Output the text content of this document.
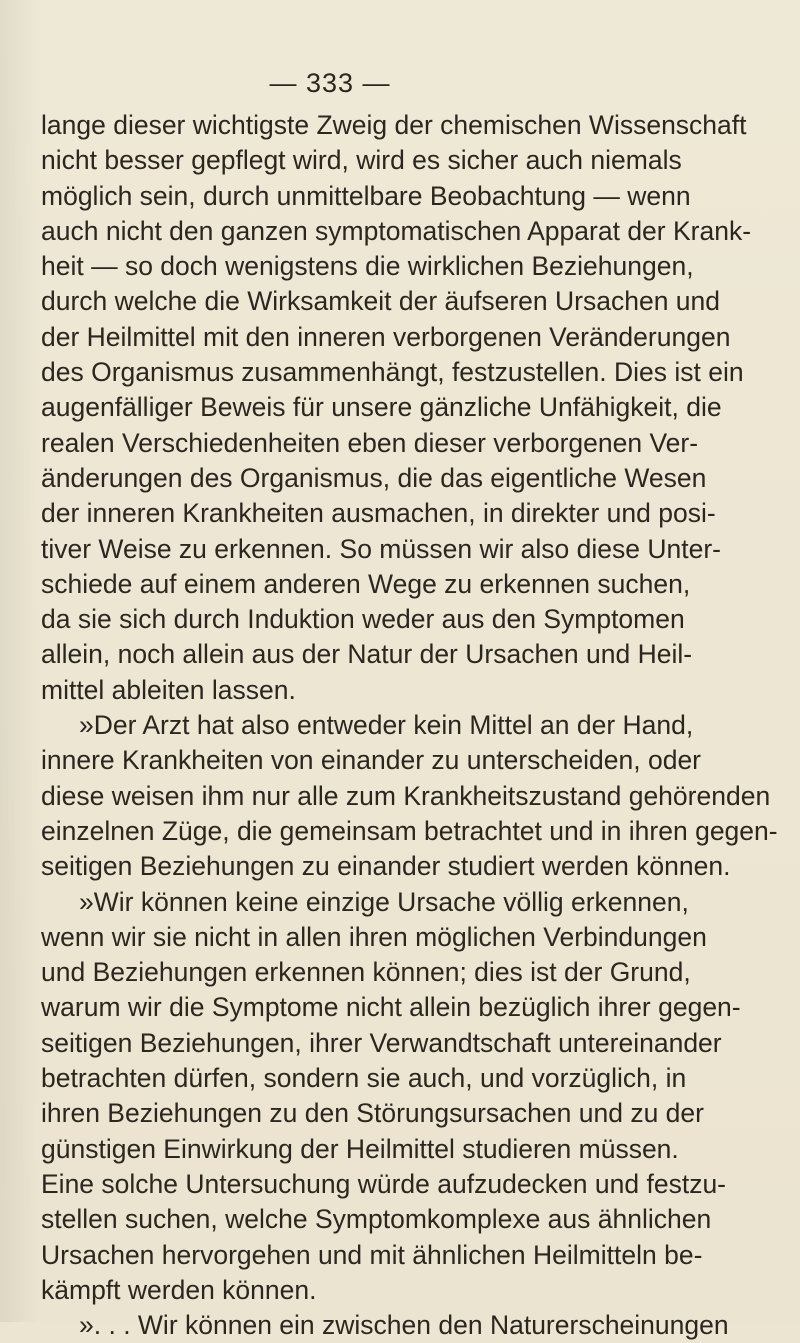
— 333 —
lange dieser wichtigste Zweig der chemischen Wissenschaft
nicht besser gepflegt wird, wird es sicher auch niemals
möglich sein, durch unmittelbare Beobachtung — wenn
auch nicht den ganzen symptomatischen Apparat der Krank-
heit — so doch wenigstens die wirklichen Beziehungen,
durch welche die Wirksamkeit der äufseren Ursachen und
der Heilmittel mit den inneren verborgenen Veränderungen
des Organismus zusammenhängt, festzustellen. Dies ist ein
augenfälliger Beweis für unsere gänzliche Unfähigkeit, die
realen Verschiedenheiten eben dieser verborgenen Ver-
änderungen des Organismus, die das eigentliche Wesen
der inneren Krankheiten ausmachen, in direkter und posi-
tiver Weise zu erkennen. So müssen wir also diese Unter-
schiede auf einem anderen Wege zu erkennen suchen,
da sie sich durch Induktion weder aus den Symptomen
allein, noch allein aus der Natur der Ursachen und Heil-
mittel ableiten lassen.
»Der Arzt hat also entweder kein Mittel an der Hand,
innere Krankheiten von einander zu unterscheiden, oder
diese weisen ihm nur alle zum Krankheitszustand gehörenden
einzelnen Züge, die gemeinsam betrachtet und in ihren gegen-
seitigen Beziehungen zu einander studiert werden können.
»Wir können keine einzige Ursache völlig erkennen,
wenn wir sie nicht in allen ihren möglichen Verbindungen
und Beziehungen erkennen können; dies ist der Grund,
warum wir die Symptome nicht allein bezüglich ihrer gegen-
seitigen Beziehungen, ihrer Verwandtschaft untereinander
betrachten dürfen, sondern sie auch, und vorzüglich, in
ihren Beziehungen zu den Störungsursachen und zu der
günstigen Einwirkung der Heilmittel studieren müssen.
Eine solche Untersuchung würde aufzudecken und festzu-
stellen suchen, welche Symptomkomplexe aus ähnlichen
Ursachen hervorgehen und mit ähnlichen Heilmitteln be-
kämpft werden können.
». . . Wir können ein zwischen den Naturerscheinungen
